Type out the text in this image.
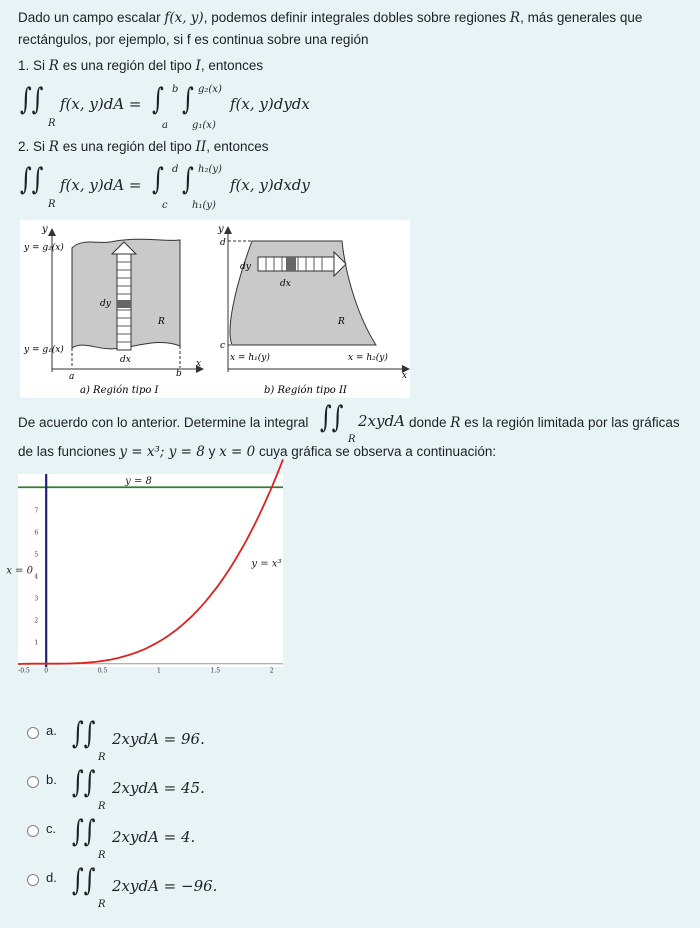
Dado un campo escalar f(x, y), podemos definir integrales dobles sobre regiones R, más generales que
rectángulos, por ejemplo, si f es continua sobre una región
1. Si R es una región del tipo I, entonces
∫∫
R
f(x, y)dA = ∫ b
a
∫ g₂(x)
g₁(x)
f(x, y)dydx
2. Si R es una región del tipo II, entonces
∫∫
R
f(x, y)dA = ∫ d
c
∫ h₂(y)
h₁(y)
f(x, y)dxdy
y
y = g₂(x)
y = g₁(x)
dy
R
dx
a	b
x
a) Región tipo I
y
d
c
dy
dx
R
x = h₁(y)	x = h₂(y)
x
b) Región tipo II
De acuerdo con lo anterior. Determine la integral ∫∫
R
2xydA donde R es la región limitada por las gráficas
de las funciones y = x³; y = 8 y x = 0 cuya gráfica se observa a continuación:
1
2
3
4
5
6
7
-0.5 0	0.5	1	1.5	2
y = 8
y = x³
x = 0
a. ∫∫
R
2xydA = 96.
b. ∫∫
R
2xydA = 45.
c. ∫∫
R
2xydA = 4.
d. ∫∫
R
2xydA = −96.
